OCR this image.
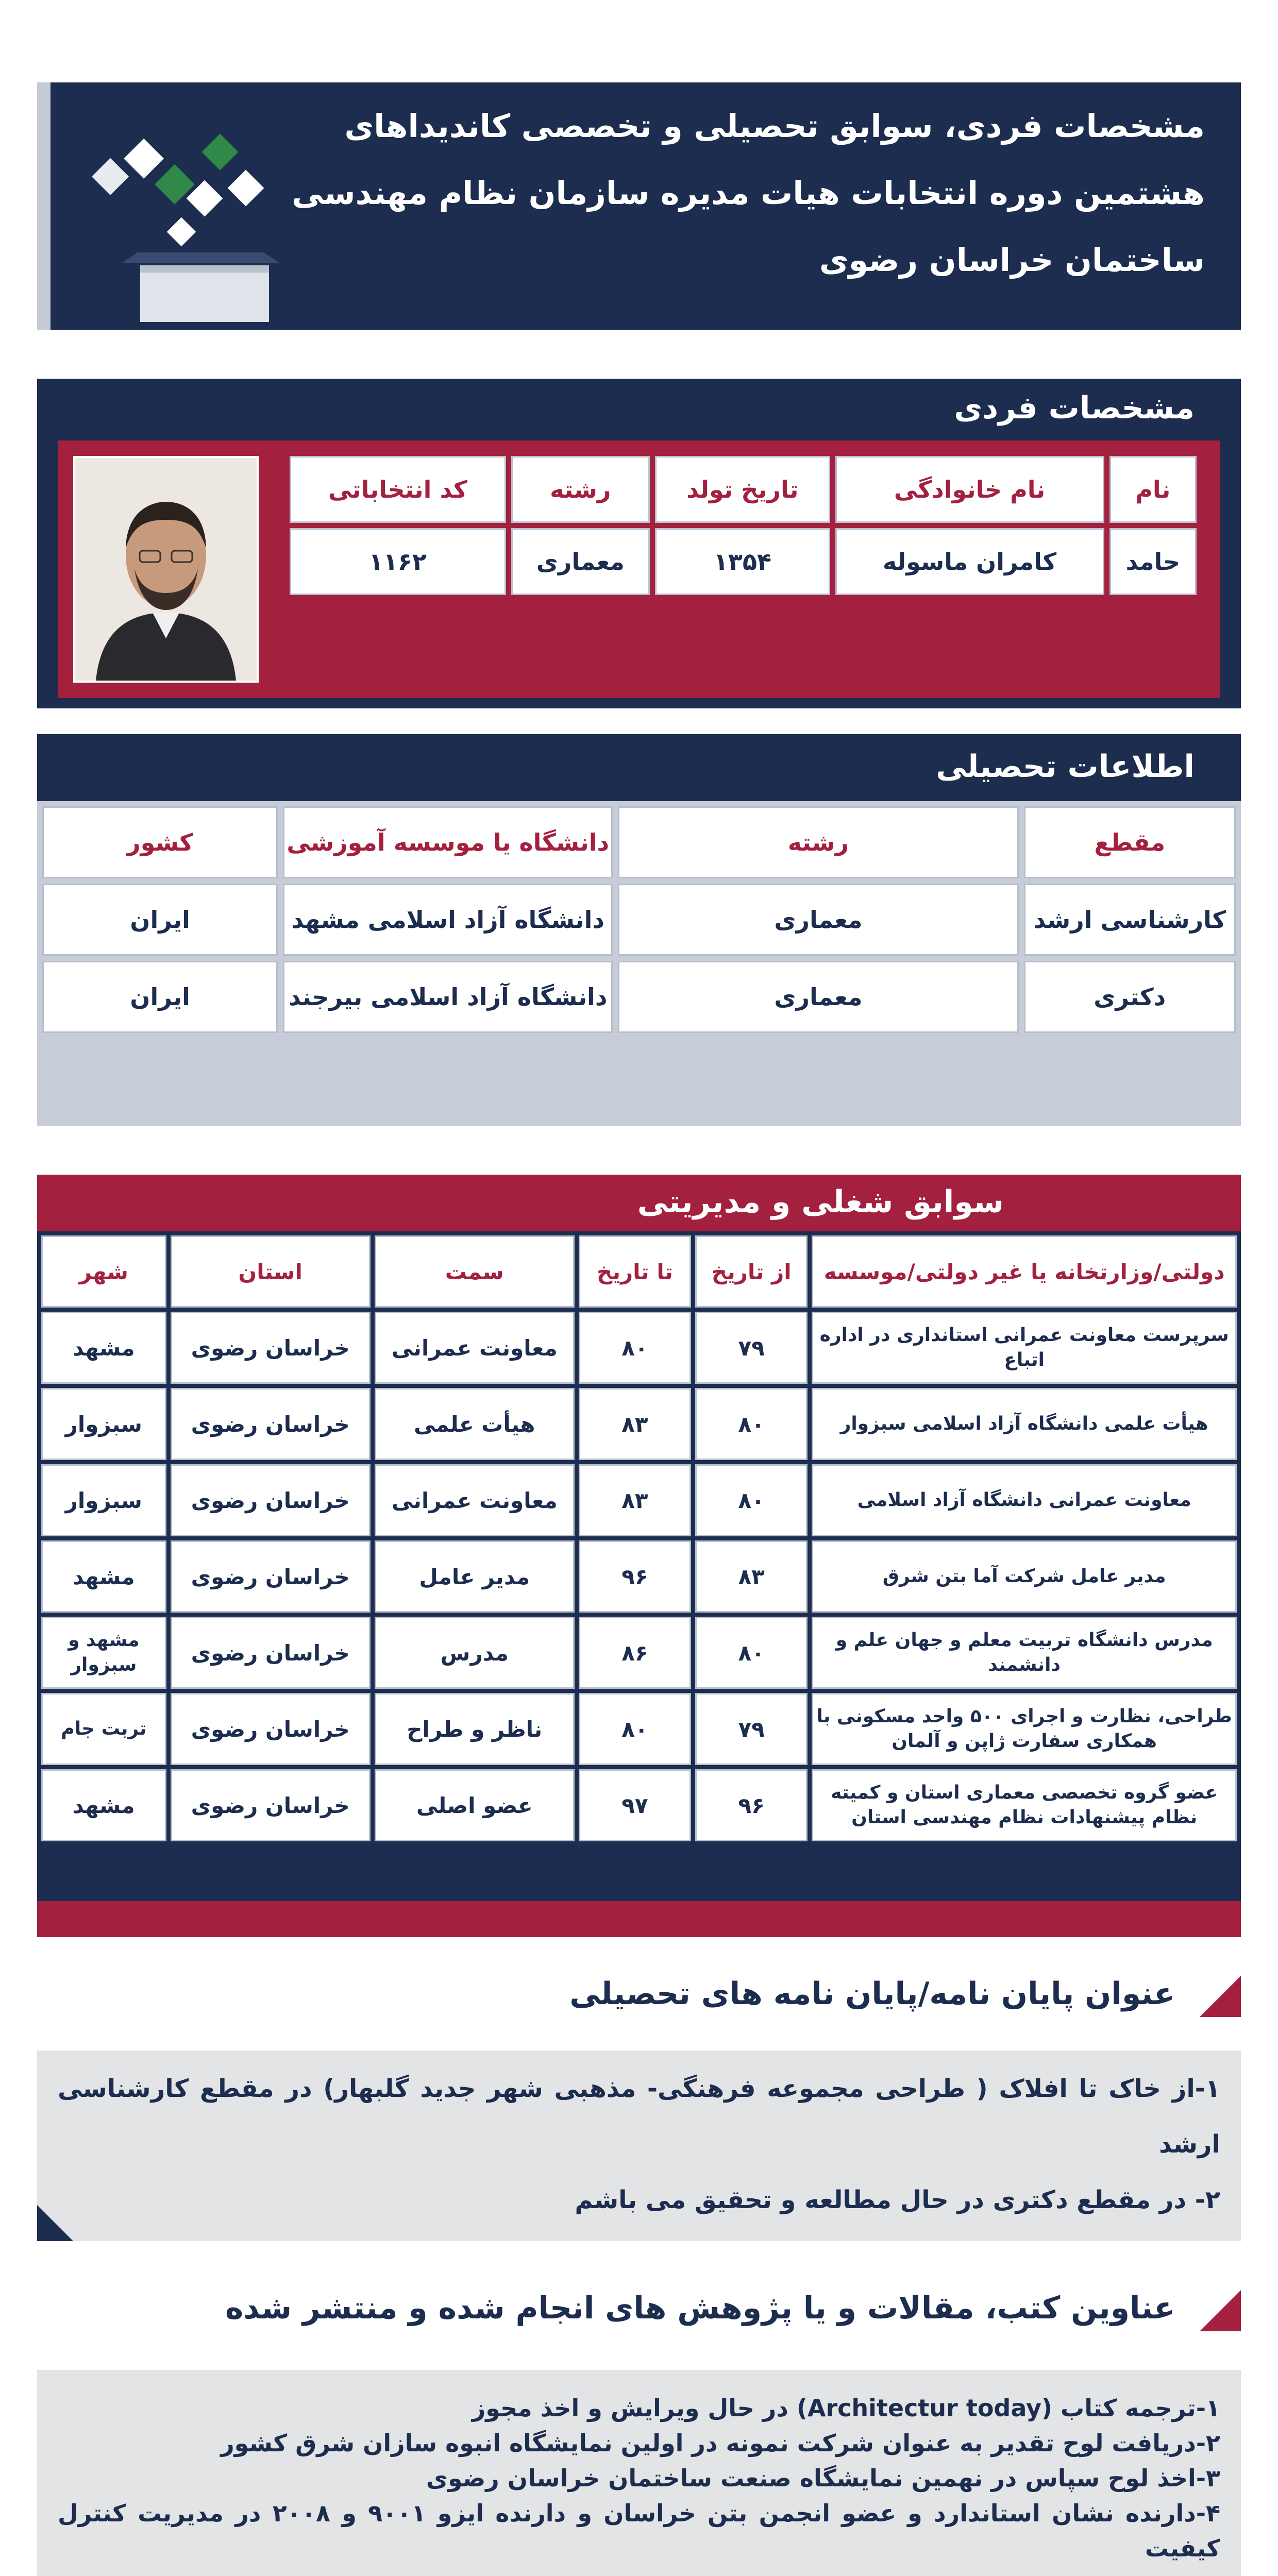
مشخصات فردی، سوابق تحصیلی و تخصصی کاندیداهای
هشتمین دوره انتخابات هیات مدیره سازمان نظام مهندسی
ساختمان خراسان رضوی
مشخصات فردی
نام	نام خانوادگی	تاریخ تولد	رشته	کد انتخاباتی
حامد	کامران ماسوله	۱۳۵۴	معماری	۱۱۶۲
اطلاعات تحصیلی
مقطع	رشته	دانشگاه یا موسسه آموزشی	کشور
کارشناسی ارشد	معماری	دانشگاه آزاد اسلامی مشهد	ایران
دکتری	معماری	دانشگاه آزاد اسلامی بیرجند	ایران
سوابق شغلی و مدیریتی
دولتی/وزارتخانه یا غیر دولتی/موسسه	از تاریخ	تا تاریخ	سمت	استان	شهر
سرپرست معاونت عمرانی استانداری در اداره اتباع	۷۹	۸۰	معاونت عمرانی	خراسان رضوی	مشهد
هیأت علمی دانشگاه آزاد اسلامی سبزوار	۸۰	۸۳	هیأت علمی	خراسان رضوی	سبزوار
معاونت عمرانی دانشگاه آزاد اسلامی	۸۰	۸۳	معاونت عمرانی	خراسان رضوی	سبزوار
مدیر عامل شرکت آما بتن شرق	۸۳	۹۶	مدیر عامل	خراسان رضوی	مشهد
مدرس دانشگاه تربیت معلم و جهان علم و دانشمند	۸۰	۸۶	مدرس	خراسان رضوی	مشهد و سبزوار
طراحی، نظارت و اجرای ۵۰۰ واحد مسکونی با همکاری سفارت ژاپن و آلمان	۷۹	۸۰	ناظر و طراح	خراسان رضوی	تربت جام
عضو گروه تخصصی معماری استان و کمیته نظام پیشنهادات نظام مهندسی استان	۹۶	۹۷	عضو اصلی	خراسان رضوی	مشهد
عنوان پایان نامه/پایان نامه های تحصیلی

۱-از خاک تا افلاک ( طراحی مجموعه فرهنگی- مذهبی شهر جدید گلبهار) در مقطع کارشناسی ارشد

۲- در مقطع دکتری در حال مطالعه و تحقیق می باشم

عناوین کتب، مقالات و یا پژوهش های انجام شده و منتشر شده

۱-ترجمه کتاب (Architectur today) در حال ویرایش و اخذ مجوز

۲-دریافت لوح تقدیر به عنوان شرکت نمونه در اولین نمایشگاه انبوه سازان شرق کشور

۳-اخذ لوح سپاس در نهمین نمایشگاه صنعت ساختمان خراسان رضوی

۴-دارنده نشان استاندارد و عضو انجمن بتن خراسان و دارنده ایزو ۹۰۰۱ و ۲۰۰۸ در مدیریت کنترل کیفیت
